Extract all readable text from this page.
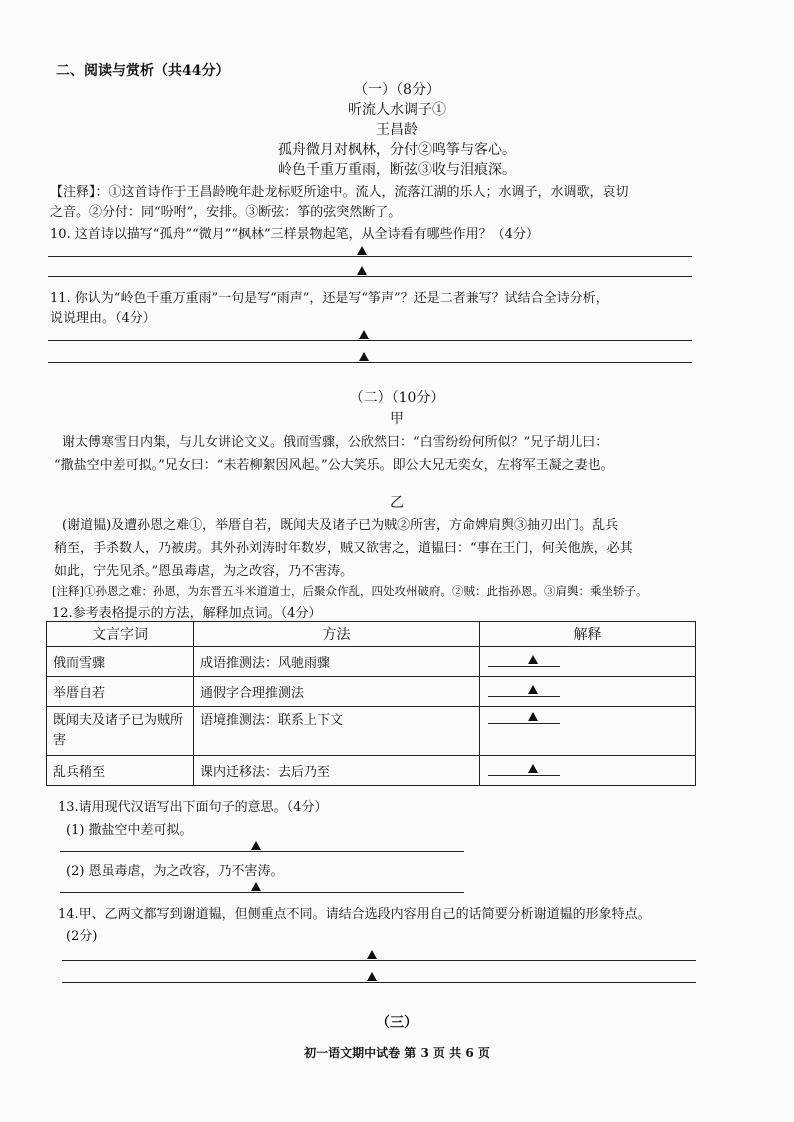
二、阅读与赏析（共44分）
（一）（8分）
听流人水调子①
王昌龄
孤舟微月对枫林，分付②鸣筝与客心。
岭色千重万重雨，断弦③收与泪痕深。
【注释】：①这首诗作于王昌龄晚年赴龙标贬所途中。流人，流落江湖的乐人；水调子，水调歌，哀切
之音。②分付：同“吩咐”，安排。③断弦：筝的弦突然断了。
10. 这首诗以描写“孤舟”“微月”“枫林”三样景物起笔，从全诗看有哪些作用？（4分）
11. 你认为“岭色千重万重雨”一句是写“雨声”，还是写“筝声”？还是二者兼写？试结合全诗分析，
说说理由。（4分）
（二）（10分）
甲
谢太傅寒雪日内集，与儿女讲论文义。俄而雪骤，公欣然曰：“白雪纷纷何所似？”兄子胡儿曰：
“撒盐空中差可拟。”兄女曰：“未若柳絮因风起。”公大笑乐。即公大兄无奕女，左将军王凝之妻也。
乙
(谢道韫)及遭孙恩之难①，举厝自若，既闻夫及诸子已为贼②所害，方命婢肩舆③抽刃出门。乱兵
稍至，手杀数人，乃被虏。其外孙刘涛时年数岁，贼又欲害之，道韫曰：“事在王门，何关他族，必其
如此，宁先见杀。”恩虽毒虐，为之改容，乃不害涛。
[注释]①孙恩之难：孙恩，为东晋五斗米道道士，后聚众作乱，四处攻州破府。②贼：此指孙恩。③肩舆：乘坐轿子。
12.参考表格提示的方法，解释加点词。（4分）
文言字词	方法	解释
俄而雪骤	成语推测法：风驰雨骤	

举厝自若	通假字合理推测法	

既闻夫及诸子已为贼所害	语境推测法：联系上下文	

乱兵稍至	课内迁移法：去后乃至	
13.请用现代汉语写出下面句子的意思。（4分）
(1) 撒盐空中差可拟。
(2) 恩虽毒虐，为之改容，乃不害涛。
14.甲、乙两文都写到谢道韫，但侧重点不同。请结合选段内容用自己的话简要分析谢道韫的形象特点。
(2分)
（三）
初一语文期中试卷 第 3 页 共 6 页
